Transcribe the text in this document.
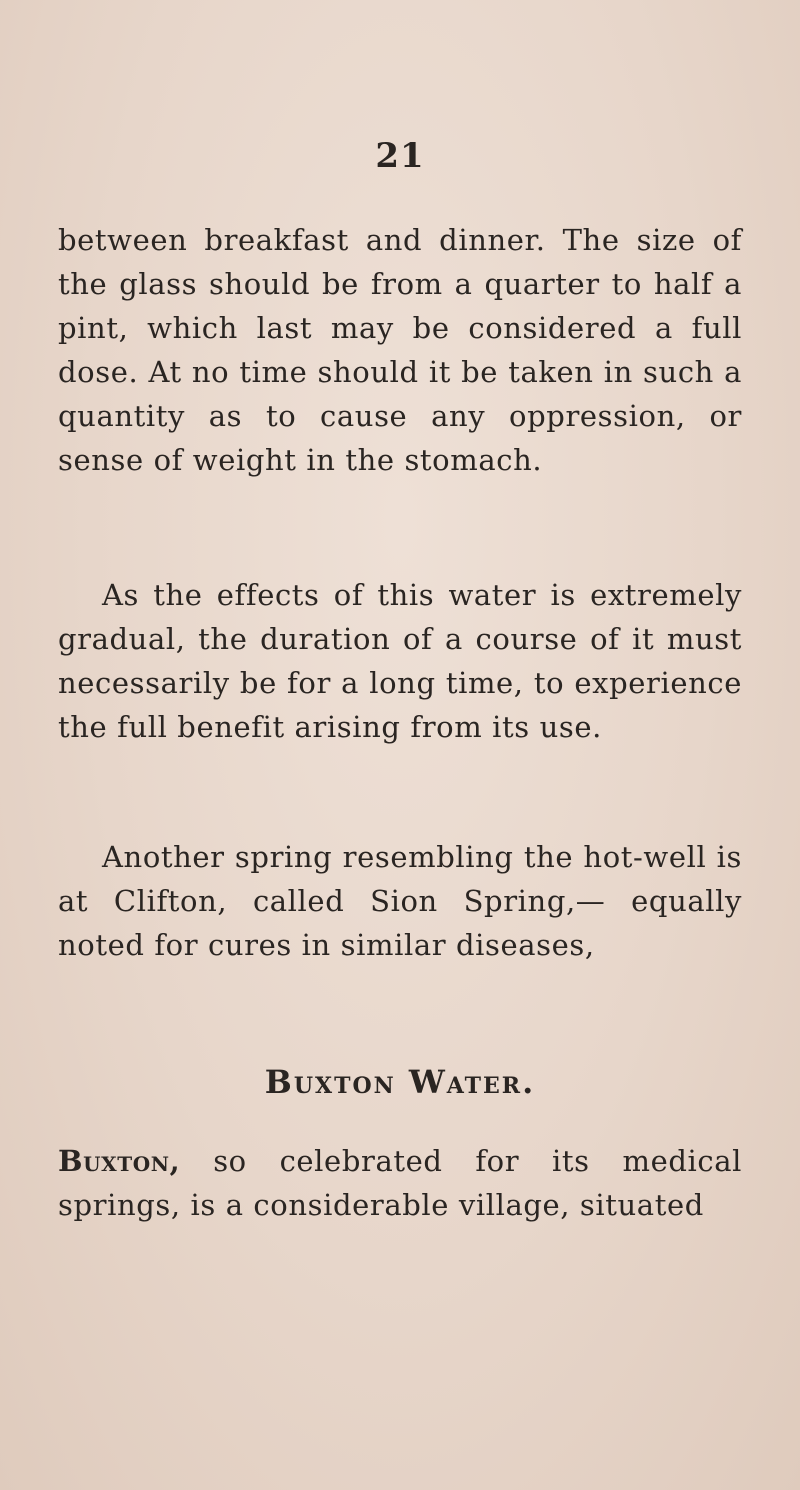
21

between breakfast and dinner. The size of the glass should be from a quarter to half a pint, which last may be considered a full dose. At no time should it be taken in such a quantity as to cause any oppression, or sense of weight in the stomach.

As the effects of this water is extremely gradual, the duration of a course of it must necessarily be for a long time, to experience the full benefit arising from its use.

Another spring resembling the hot-well is at Clifton, called Sion Spring,— equally noted for cures in similar diseases,

Buxton Water.

Buxton, so celebrated for its medical springs, is a considerable village, situated
